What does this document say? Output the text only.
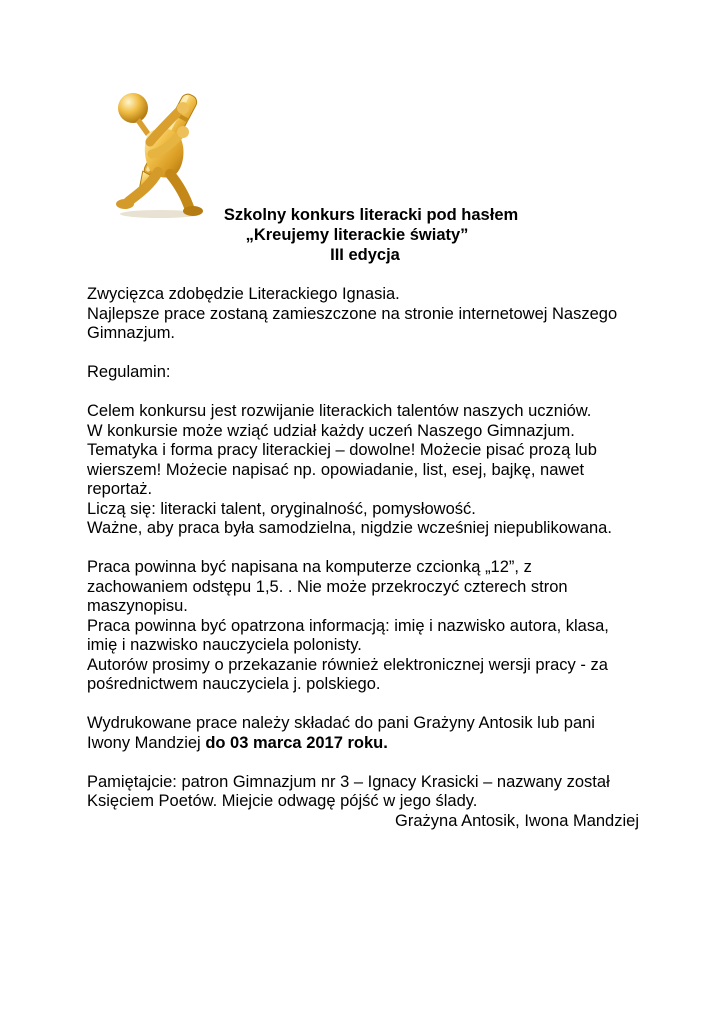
Szkolny konkurs literacki pod hasłem
„Kreujemy literackie światy”
III edycja
Zwycięzca zdobędzie Literackiego Ignasia.
Najlepsze prace zostaną zamieszczone na stronie internetowej Naszego
Gimnazjum.
Regulamin:
Celem konkursu jest rozwijanie literackich talentów naszych uczniów.
W konkursie może wziąć udział każdy uczeń Naszego Gimnazjum.
Tematyka i forma pracy literackiej – dowolne! Możecie pisać prozą lub
wierszem! Możecie napisać np. opowiadanie, list, esej, bajkę, nawet
reportaż.
Liczą się: literacki talent, oryginalność, pomysłowość.
Ważne, aby praca była samodzielna, nigdzie wcześniej niepublikowana.
Praca powinna być napisana na komputerze czcionką „12”, z
zachowaniem odstępu 1,5. . Nie może przekroczyć czterech stron
maszynopisu.
Praca powinna być opatrzona informacją: imię i nazwisko autora, klasa,
imię i nazwisko nauczyciela polonisty.
Autorów prosimy o przekazanie również elektronicznej wersji pracy - za
pośrednictwem nauczyciela j. polskiego.
Wydrukowane prace należy składać do pani Grażyny Antosik lub pani
Iwony Mandziej do 03 marca 2017 roku.
Pamiętajcie: patron Gimnazjum nr 3 – Ignacy Krasicki – nazwany został
Księciem Poetów. Miejcie odwagę pójść w jego ślady.
Grażyna Antosik, Iwona Mandziej
